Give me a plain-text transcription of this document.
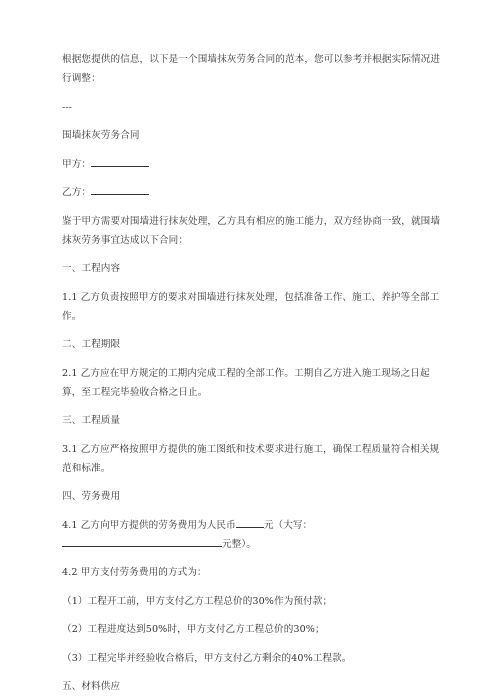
根据您提供的信息，以下是一个围墙抹灰劳务合同的范本，您可以参考并根据实际情况进行调整：

---

围墙抹灰劳务合同

甲方：

乙方：

鉴于甲方需要对围墙进行抹灰处理，乙方具有相应的施工能力，双方经协商一致，就围墙抹灰劳务事宜达成以下合同：

一、工程内容

1.1 乙方负责按照甲方的要求对围墙进行抹灰处理，包括准备工作、施工、养护等全部工作。

二、工程期限

2.1 乙方应在甲方规定的工期内完成工程的全部工作。工期自乙方进入施工现场之日起算，至工程完毕验收合格之日止。

三、工程质量

3.1 乙方应严格按照甲方提供的施工图纸和技术要求进行施工，确保工程质量符合相关规范和标准。

四、劳务费用

4.1 乙方向甲方提供的劳务费用为人民币	元（大写：
元整）。

4.2 甲方支付劳务费用的方式为：

（1）工程开工前，甲方支付乙方工程总价的30%作为预付款；

（2）工程进度达到50%时，甲方支付乙方工程总价的30%；

（3）工程完毕并经验收合格后，甲方支付乙方剩余的40%工程款。

五、材料供应
